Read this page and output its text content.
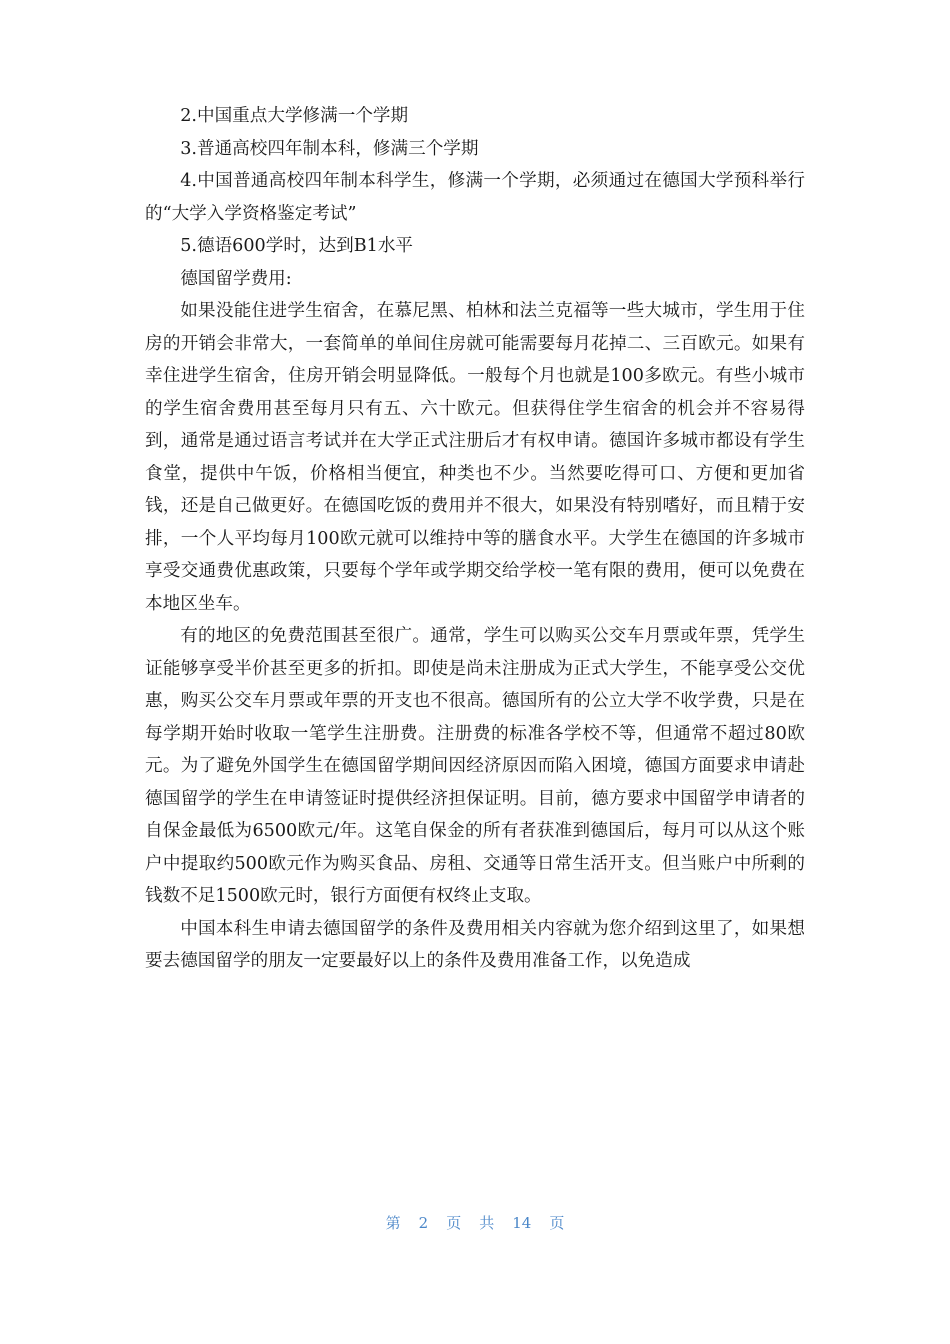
2.中国重点大学修满一个学期

3.普通高校四年制本科，修满三个学期

4.中国普通高校四年制本科学生，修满一个学期，必须通过在德国大学预科举行的“大学入学资格鉴定考试”

5.德语600学时，达到B1水平

德国留学费用:

如果没能住进学生宿舍，在慕尼黑、柏林和法兰克福等一些大城市，学生用于住房的开销会非常大，一套简单的单间住房就可能需要每月花掉二、三百欧元。如果有幸住进学生宿舍，住房开销会明显降低。一般每个月也就是100多欧元。有些小城市的学生宿舍费用甚至每月只有五、六十欧元。但获得住学生宿舍的机会并不容易得到，通常是通过语言考试并在大学正式注册后才有权申请。德国许多城市都设有学生食堂，提供中午饭，价格相当便宜，种类也不少。当然要吃得可口、方便和更加省钱，还是自己做更好。在德国吃饭的费用并不很大，如果没有特别嗜好，而且精于安排，一个人平均每月100欧元就可以维持中等的膳食水平。大学生在德国的许多城市享受交通费优惠政策，只要每个学年或学期交给学校一笔有限的费用，便可以免费在本地区坐车。

有的地区的免费范围甚至很广。通常，学生可以购买公交车月票或年票，凭学生证能够享受半价甚至更多的折扣。即使是尚未注册成为正式大学生，不能享受公交优惠，购买公交车月票或年票的开支也不很高。德国所有的公立大学不收学费，只是在每学期开始时收取一笔学生注册费。注册费的标准各学校不等，但通常不超过80欧元。为了避免外国学生在德国留学期间因经济原因而陷入困境，德国方面要求申请赴德国留学的学生在申请签证时提供经济担保证明。目前，德方要求中国留学申请者的自保金最低为6500欧元/年。这笔自保金的所有者获准到德国后，每月可以从这个账户中提取约500欧元作为购买食品、房租、交通等日常生活开支。但当账户中所剩的钱数不足1500欧元时，银行方面便有权终止支取。

中国本科生申请去德国留学的条件及费用相关内容就为您介绍到这里了，如果想要去德国留学的朋友一定要最好以上的条件及费用准备工作，以免造成

第 2 页 共 14 页
